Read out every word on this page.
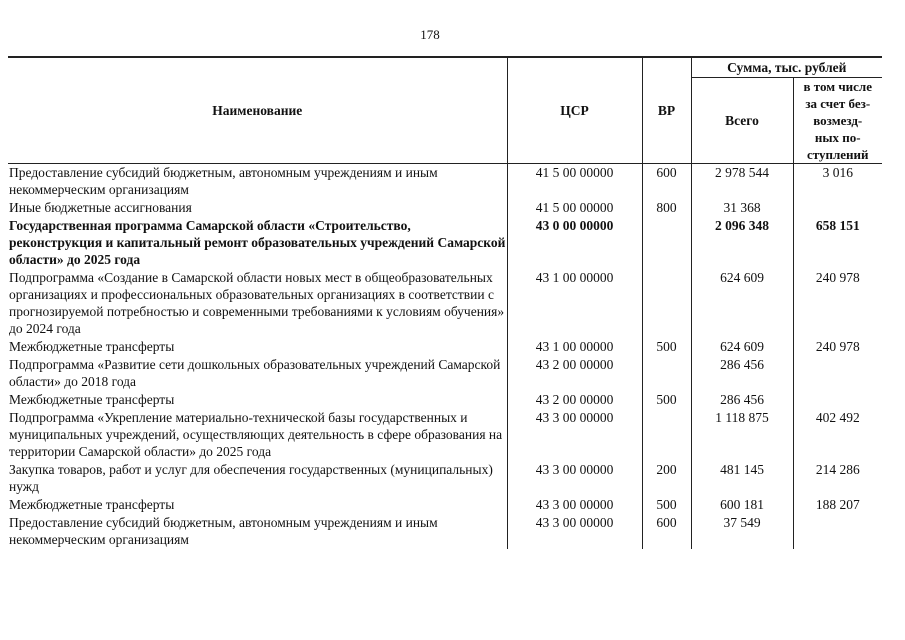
178
Наименование	ЦСР	ВР	Сумма, тыс. рублей	
			Всего	в том числе
за счет без-
возмезд-
ных по-
ступлений
Предоставление субсидий бюджетным, автономным учреждениям и иным некоммерческим организациям	41 5 00 00000	600	2 978 544	3 016
Иные бюджетные ассигнования	41 5 00 00000	800	31 368	
Государственная программа Самарской области «Строительство, реконструкция и капитальный ремонт образовательных учреждений Самарской области» до 2025 года	43 0 00 00000		2 096 348	658 151
Подпрограмма «Создание в Самарской области новых мест в общеобразовательных организациях и профессиональных образовательных организациях в соответствии с прогнозируемой потребностью и современными требованиями к условиям обучения» до 2024 года	43 1 00 00000		624 609	240 978
Межбюджетные трансферты	43 1 00 00000	500	624 609	240 978
Подпрограмма «Развитие сети дошкольных образовательных учреждений Самарской области» до 2018 года	43 2 00 00000		286 456	
Межбюджетные трансферты	43 2 00 00000	500	286 456	
Подпрограмма «Укрепление материально-технической базы государственных и муниципальных учреждений, осуществляющих деятельность в сфере образования на территории Самарской области» до 2025 года	43 3 00 00000		1 118 875	402 492
Закупка товаров, работ и услуг для обеспечения государственных (муниципальных) нужд	43 3 00 00000	200	481 145	214 286
Межбюджетные трансферты	43 3 00 00000	500	600 181	188 207
Предоставление субсидий бюджетным, автономным учреждениям и иным некоммерческим организациям	43 3 00 00000	600	37 549	
